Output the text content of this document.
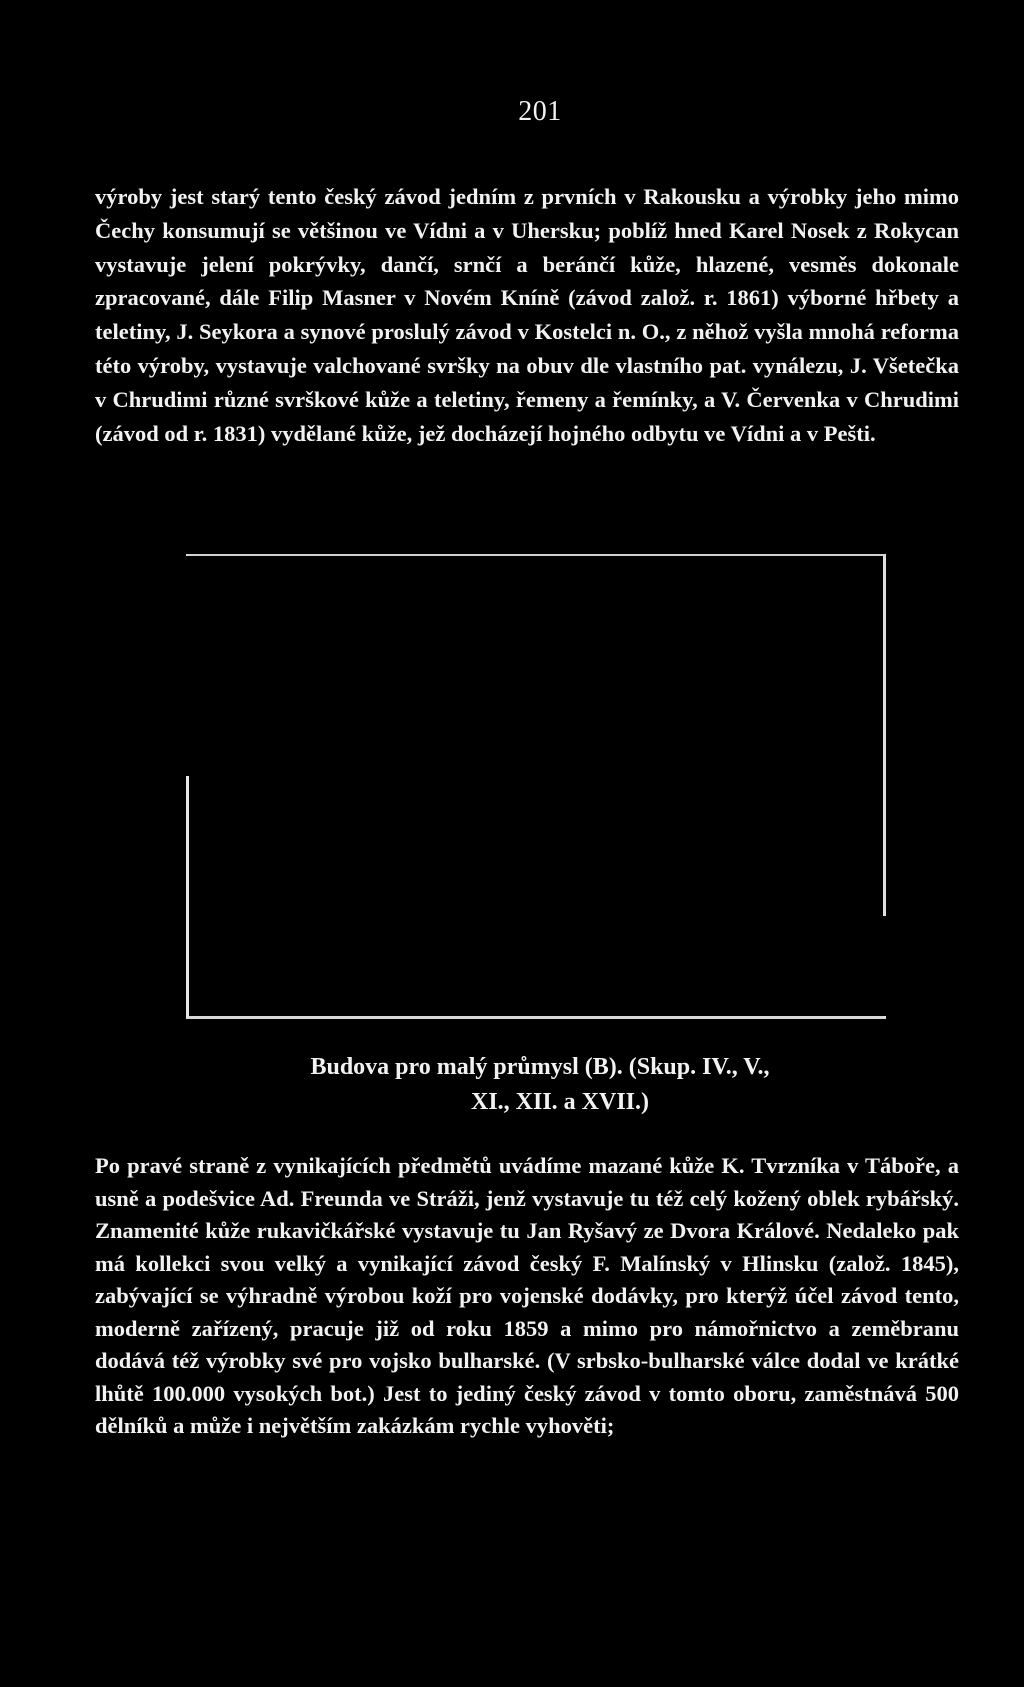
201

výroby jest starý tento český závod jedním z prvních v Rakousku a výrobky jeho mimo Čechy konsumují se většinou ve Vídni a v Uhersku; poblíž hned Karel Nosek z Rokycan vystavuje jelení pokrývky, dančí, srnčí a beránčí kůže, hlazené, vesměs dokonale zpracované, dále Filip Masner v Novém Kníně (závod založ. r. 1861) výborné hřbety a teletiny, J. Seykora a synové proslulý závod v Kostelci n. O., z něhož vyšla mnohá reforma této výroby, vystavuje valchované svršky na obuv dle vlastního pat. vynálezu, J. Všetečka v Chrudimi různé svrškové kůže a teletiny, řemeny a řemínky, a V. Červenka v Chrudimi (závod od r. 1831) vydělané kůže, jež docházejí hojného odbytu ve Vídni a v Pešti.

Budova pro malý průmysl (B). (Skup. IV., V.,
XI., XII. a XVII.)

Po pravé straně z vynikajících předmětů uvádíme mazané kůže K. Tvrzníka v Táboře, a usně a podešvice Ad. Freunda ve Stráži, jenž vystavuje tu též celý kožený oblek rybářský. Znamenité kůže rukavičkářské vystavuje tu Jan Ryšavý ze Dvora Králové. Nedaleko pak má kollekci svou velký a vynikající závod český F. Malínský v Hlinsku (založ. 1845), zabývající se výhradně výrobou koží pro vojenské dodávky, pro kterýž účel závod tento, moderně zařízený, pracuje již od roku 1859 a mimo pro námořnictvo a zeměbranu dodává též výrobky své pro vojsko bulharské. (V srbsko-bulharské válce dodal ve krátké lhůtě 100.000 vysokých bot.) Jest to jediný český závod v tomto oboru, zaměstnává 500 dělníků a může i největším zakázkám rychle vyhověti;
